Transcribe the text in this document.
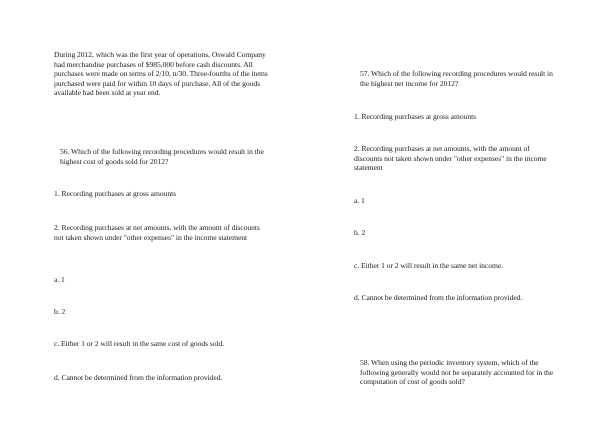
During 2012, which was the first year of operations, Oswald Company had merchandise purchases of $985,000 before cash discounts. All purchases were made on terms of 2/10, n/30. Three-fourths of the items purchased were paid for within 10 days of purchase. All of the goods available had been sold at year end.

56. Which of the following recording procedures would result in the highest cost of goods sold for 2012?

1. Recording purchases at gross amounts

2. Recording purchases at net amounts, with the amount of discounts not taken shown under "other expenses" in the income statement

a. 1

b. 2

c. Either 1 or 2 will result in the same cost of goods sold.

d. Cannot be determined from the information provided.

57. Which of the following recording procedures would result in the highest net income for 2012?

1. Recording purchases at gross amounts

2. Recording purchases at net amounts, with the amount of discounts not taken shown under "other expenses" in the income statement

a. 1

b. 2

c. Either 1 or 2 will result in the same net income.

d. Cannot be determined from the information provided.

58. When using the periodic inventory system, which of the following generally would not be separately accounted for in the computation of cost of goods sold?
